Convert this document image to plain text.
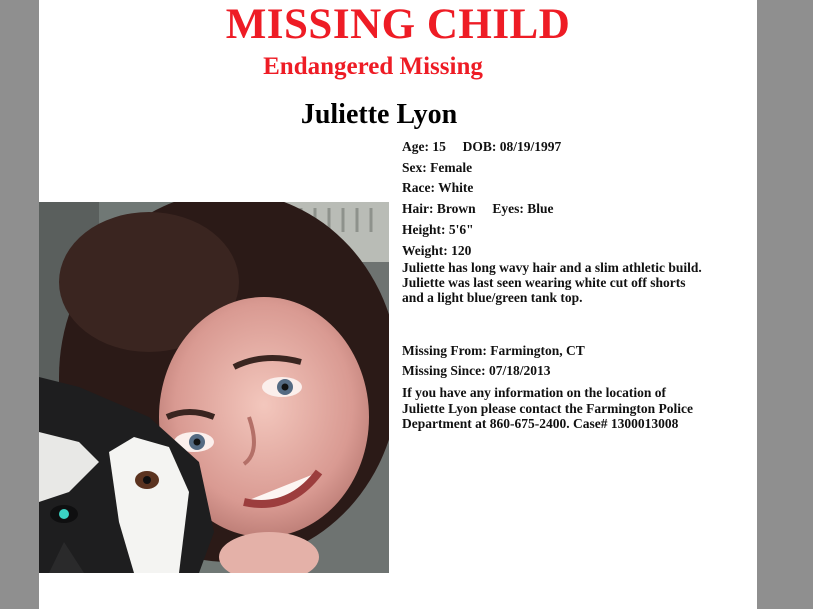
MISSING CHILD
Endangered Missing
Juliette Lyon
Age: 15 DOB: 08/19/1997
Sex: Female
Race: White
Hair: Brown Eyes: Blue
Height: 5'6"
Weight: 120
Juliette has long wavy hair and a slim athletic build.
Juliette was last seen wearing white cut off shorts
and a light blue/green tank top.
Missing From: Farmington, CT
Missing Since: 07/18/2013
If you have any information on the location of
Juliette Lyon please contact the Farmington Police
Department at 860-675-2400. Case# 1300013008
